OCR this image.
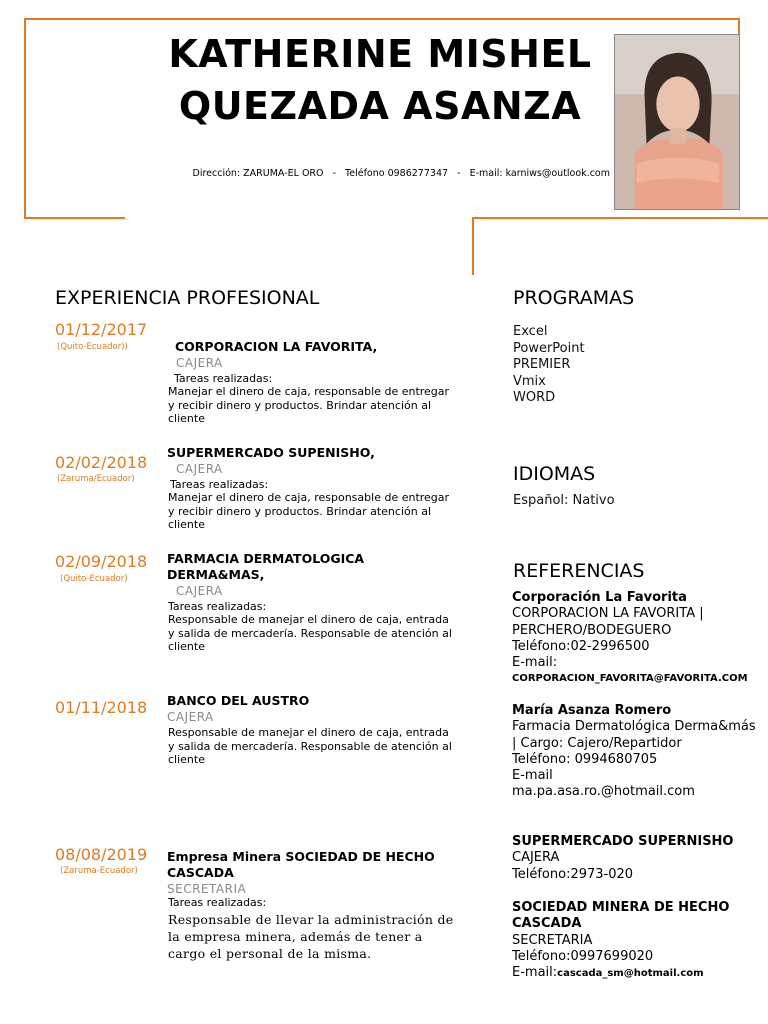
KATHERINE MISHEL
QUEZADA ASANZA
Dirección: ZARUMA-EL ORO   -   Teléfono 0986277347   -   E-mail: karniws@outlook.com
EXPERIENCIA PROFESIONAL	PROGRAMAS
IDIOMAS
REFERENCIAS
01/12/2017
(Quito-Ecuador))	CORPORACION LA FAVORITA,
CAJERA
Tareas realizadas:
Manejar el dinero de caja, responsable de entregar y recibir dinero y productos. Brindar atención al cliente
02/02/2018
(Zaruma/Ecuador)
SUPERMERCADO SUPENISHO,
CAJERA
Tareas realizadas:
Manejar el dinero de caja, responsable de entregar y recibir dinero y productos. Brindar atención al cliente
02/09/2018
(Quito-Ecuador)
FARMACIA DERMATOLOGICA DERMA&MAS,
CAJERA
Tareas realizadas:
Responsable de manejar el dinero de caja, entrada y salida de mercadería. Responsable de atención al cliente
01/11/2018 BANCO DEL AUSTRO
CAJERA
Responsable de manejar el dinero de caja, entrada y salida de mercadería. Responsable de atención al cliente
08/08/2019
(Zaruma-Ecuador)
Empresa Minera SOCIEDAD DE HECHO CASCADA
SECRETARIA
Tareas realizadas:
Responsable de llevar la administración de la empresa minera, además de tener a cargo el personal de la misma.
Excel
PowerPoint
PREMIER
Vmix
WORD
Español: Nativo
Corporación La Favorita
CORPORACION LA FAVORITA | PERCHERO/BODEGUERO
Teléfono:02-2996500
E-mail:
CORPORACION_FAVORITA@FAVORITA.COM
María Asanza Romero
Farmacia Dermatológica Derma&más | Cargo: Cajero/Repartidor
Teléfono: 0994680705
E-mail
ma.pa.asa.ro.@hotmail.com
SUPERMERCADO SUPERNISHO
CAJERA
Teléfono:2973-020
SOCIEDAD MINERA DE HECHO CASCADA
SECRETARIA
Teléfono:0997699020
E-mail:cascada_sm@hotmail.com
